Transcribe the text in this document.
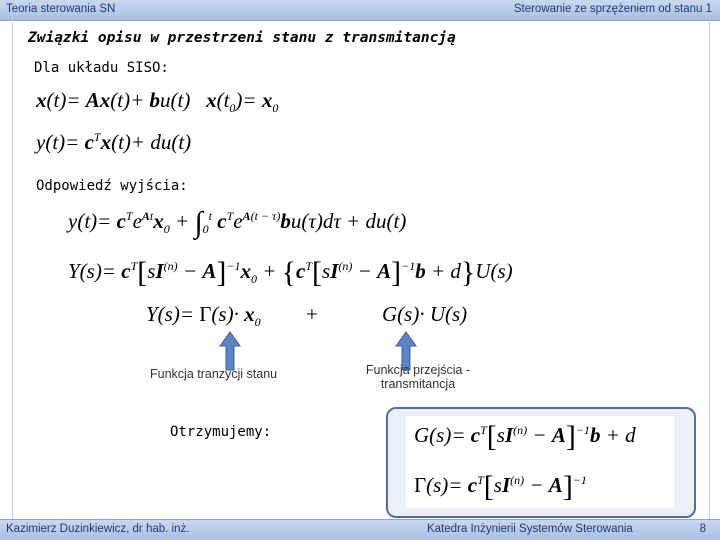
Teoria sterowania SN	Sterowanie ze sprzężeniem od stanu 1
Związki opisu w przestrzeni stanu z transmitancją
Dla układu SISO:
x(t)= Ax(t)+ bu(t)   $x(t_0)= x_0$
$y(t)= c^Tx(t)+ du(t)$
Odpowiedź wyjścia:
$y(t)= c^Te^{At}x_0 + \int_0^t$ $c^Te^{A(t - \tau)}bu(\tau)d\tau + du(t)$
$Y(s)= c^T[sI^{(n)} - A]^{-1}x_0 + \{c^T[sI^{(n)} - A]^{-1}b + d\}U(s)$
$Y(s)= \Gamma(s)\cdot x_0$ +	G(s)· U(s)
Funkcja tranzycji stanu	Funkcja przejścia -
transmitancja
Otrzymujemy:	$G(s)= c^T[sI^{(n)} - A]^{-1}b + d$
$\Gamma(s)= c^T[sI^{(n)} - A]^{-1}$
Kazimierz Duzinkiewicz, dr hab. inż.	Katedra Inżynierii Systemów Sterowania	8
